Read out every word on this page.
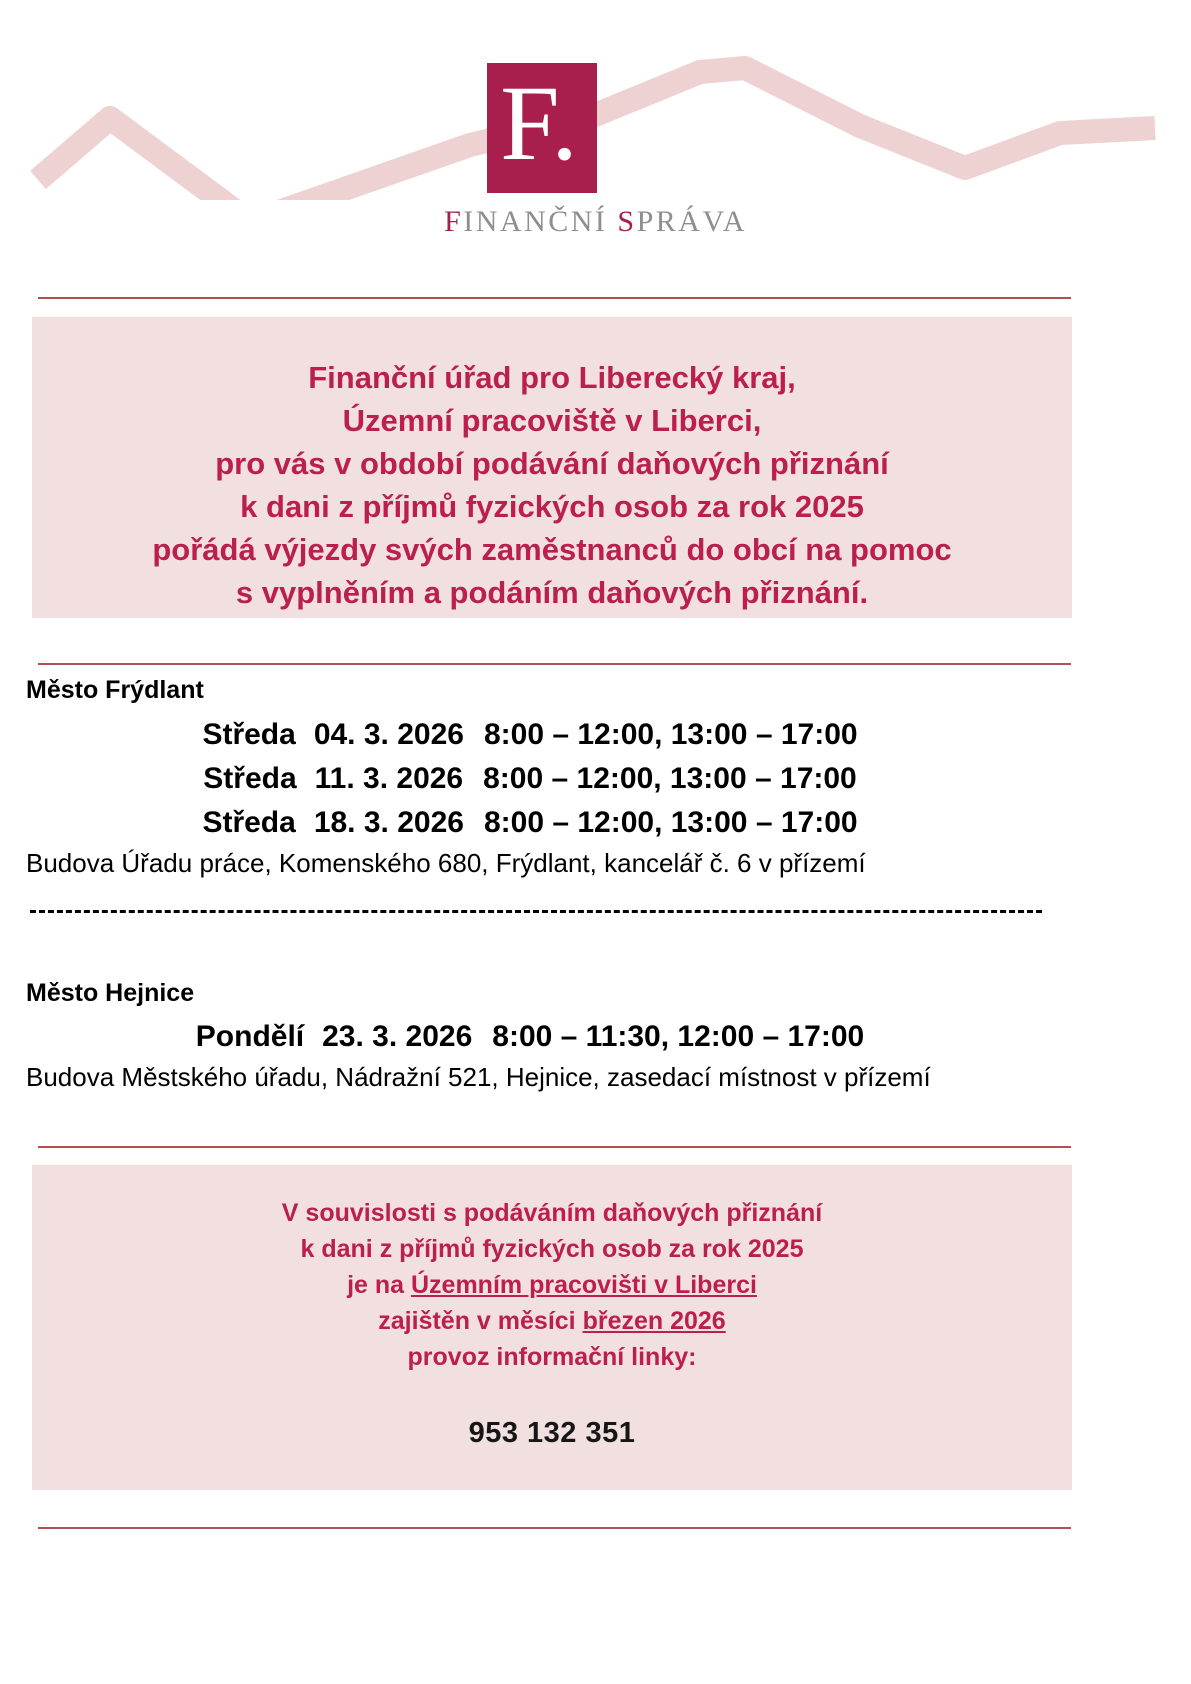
F.
FINANČNÍ SPRÁVA
Finanční úřad pro Liberecký kraj,
Územní pracoviště v Liberci,
pro vás v období podávání daňových přiznání
k dani z příjmů fyzických osob za rok 2025
pořádá výjezdy svých zaměstnanců do obcí na pomoc
s vyplněním a podáním daňových přiznání.
Město Frýdlant
Středa 04. 3. 2026 8:00 – 12:00, 13:00 – 17:00
Středa 11. 3. 2026 8:00 – 12:00, 13:00 – 17:00
Středa 18. 3. 2026 8:00 – 12:00, 13:00 – 17:00
Budova Úřadu práce, Komenského 680, Frýdlant, kancelář č. 6 v přízemí
Město Hejnice
Pondělí 23. 3. 2026 8:00 – 11:30, 12:00 – 17:00
Budova Městského úřadu, Nádražní 521, Hejnice, zasedací místnost v přízemí
V souvislosti s podáváním daňových přiznání
k dani z příjmů fyzických osob za rok 2025
je na Územním pracovišti v Liberci
zajištěn v měsíci březen 2026
provoz informační linky:
953 132 351
